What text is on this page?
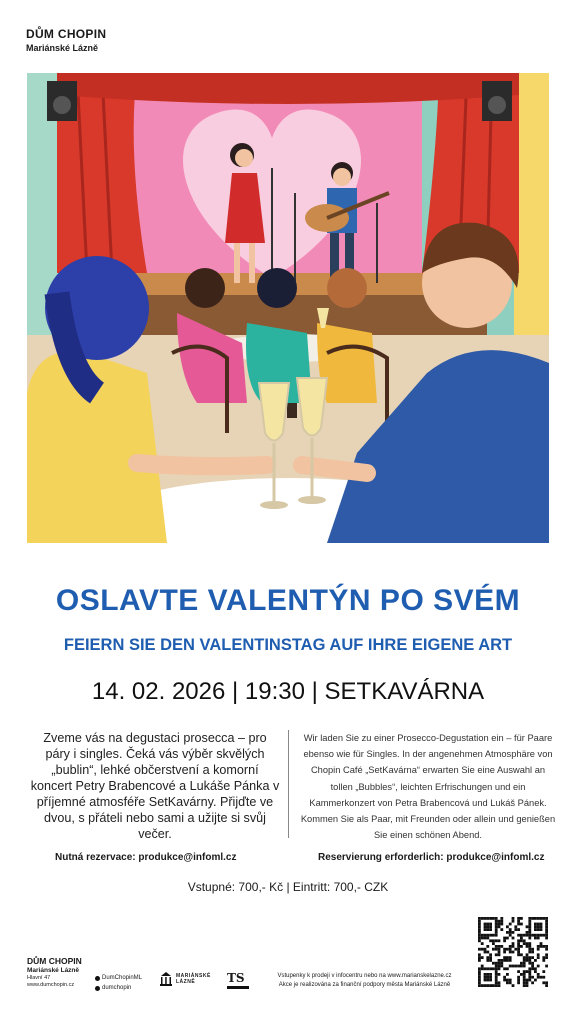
DŮM CHOPIN
Mariánské Lázně
OSLAVTE VALENTÝN PO SVÉM
FEIERN SIE DEN VALENTINSTAG AUF IHRE EIGENE ART
14. 02. 2026 | 19:30 | SETKAVÁRNA
Zveme vás na degustaci prosecca – pro páry i singles. Čeká vás výběr skvělých „bublin“, lehké občerstvení a komorní koncert Petry Brabencové a Lukáše Pánka v příjemné atmosféře SetKavárny. Přijďte ve dvou, s přáteli nebo sami a užijte si svůj večer.
Wir laden Sie zu einer Prosecco-Degustation ein – für Paare ebenso wie für Singles. In der angenehmen Atmosphäre von Chopin Café „SetKavárna“ erwarten Sie eine Auswahl an tollen „Bubbles“, leichten Erfrischungen und ein Kammerkonzert von Petra Brabencová und Lukáš Pánek. Kommen Sie als Paar, mit Freunden oder allein und genießen Sie einen schönen Abend.
Nutná rezervace: produkce@infoml.cz	Reservierung erforderlich: produkce@infoml.cz
Vstupné: 700,- Kč | Eintritt: 700,- CZK
DŮM CHOPIN
Mariánské Lázně
Hlavní 47
www.dumchopin.cz
DumChopinML
dumchopin
MARIÁNSKÉ
LÁZNĚ	TS	Vstupenky k prodeji v infocentru nebo na www.marianskelazne.cz
Akce je realizována za finanční podpory města Mariánské Lázně
